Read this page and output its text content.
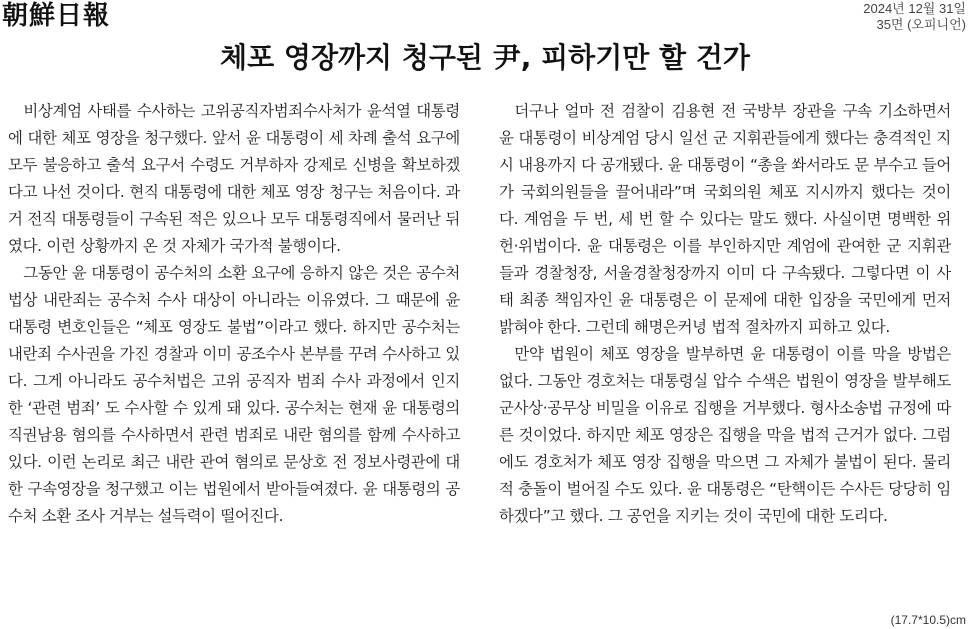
朝鮮日報	2024년 12월 31일
35면 (오피니언)
체포 영장까지 청구된 尹, 피하기만 할 건가

비상계엄 사태를 수사하는 고위공직자범죄수사처가 윤석열 대통령에 대한 체포 영장을 청구했다. 앞서 윤 대통령이 세 차례 출석 요구에 모두 불응하고 출석 요구서 수령도 거부하자 강제로 신병을 확보하겠다고 나선 것이다. 현직 대통령에 대한 체포 영장 청구는 처음이다. 과거 전직 대통령들이 구속된 적은 있으나 모두 대통령직에서 물러난 뒤였다. 이런 상황까지 온 것 자체가 국가적 불행이다.

그동안 윤 대통령이 공수처의 소환 요구에 응하지 않은 것은 공수처법상 내란죄는 공수처 수사 대상이 아니라는 이유였다. 그 때문에 윤 대통령 변호인들은 “체포 영장도 불법”이라고 했다. 하지만 공수처는 내란죄 수사권을 가진 경찰과 이미 공조수사 본부를 꾸려 수사하고 있다. 그게 아니라도 공수처법은 고위 공직자 범죄 수사 과정에서 인지한 ‘관련 범죄’ 도 수사할 수 있게 돼 있다. 공수처는 현재 윤 대통령의 직권남용 혐의를 수사하면서 관련 범죄로 내란 혐의를 함께 수사하고 있다. 이런 논리로 최근 내란 관여 혐의로 문상호 전 정보사령관에 대한 구속영장을 청구했고 이는 법원에서 받아들여졌다. 윤 대통령의 공수처 소환 조사 거부는 설득력이 떨어진다.

더구나 얼마 전 검찰이 김용현 전 국방부 장관을 구속 기소하면서 윤 대통령이 비상계엄 당시 일선 군 지휘관들에게 했다는 충격적인 지시 내용까지 다 공개됐다. 윤 대통령이 “총을 쏴서라도 문 부수고 들어가 국회의원들을 끌어내라”며 국회의원 체포 지시까지 했다는 것이다. 계엄을 두 번, 세 번 할 수 있다는 말도 했다. 사실이면 명백한 위헌·위법이다. 윤 대통령은 이를 부인하지만 계엄에 관여한 군 지휘관들과 경찰청장, 서울경찰청장까지 이미 다 구속됐다. 그렇다면 이 사태 최종 책임자인 윤 대통령은 이 문제에 대한 입장을 국민에게 먼저 밝혀야 한다. 그런데 해명은커녕 법적 절차까지 피하고 있다.

만약 법원이 체포 영장을 발부하면 윤 대통령이 이를 막을 방법은 없다. 그동안 경호처는 대통령실 압수 수색은 법원이 영장을 발부해도 군사상·공무상 비밀을 이유로 집행을 거부했다. 형사소송법 규정에 따른 것이었다. 하지만 체포 영장은 집행을 막을 법적 근거가 없다. 그럼에도 경호처가 체포 영장 집행을 막으면 그 자체가 불법이 된다. 물리적 충돌이 벌어질 수도 있다. 윤 대통령은 “탄핵이든 수사든 당당히 임하겠다”고 했다. 그 공언을 지키는 것이 국민에 대한 도리다.

(17.7*10.5)cm
